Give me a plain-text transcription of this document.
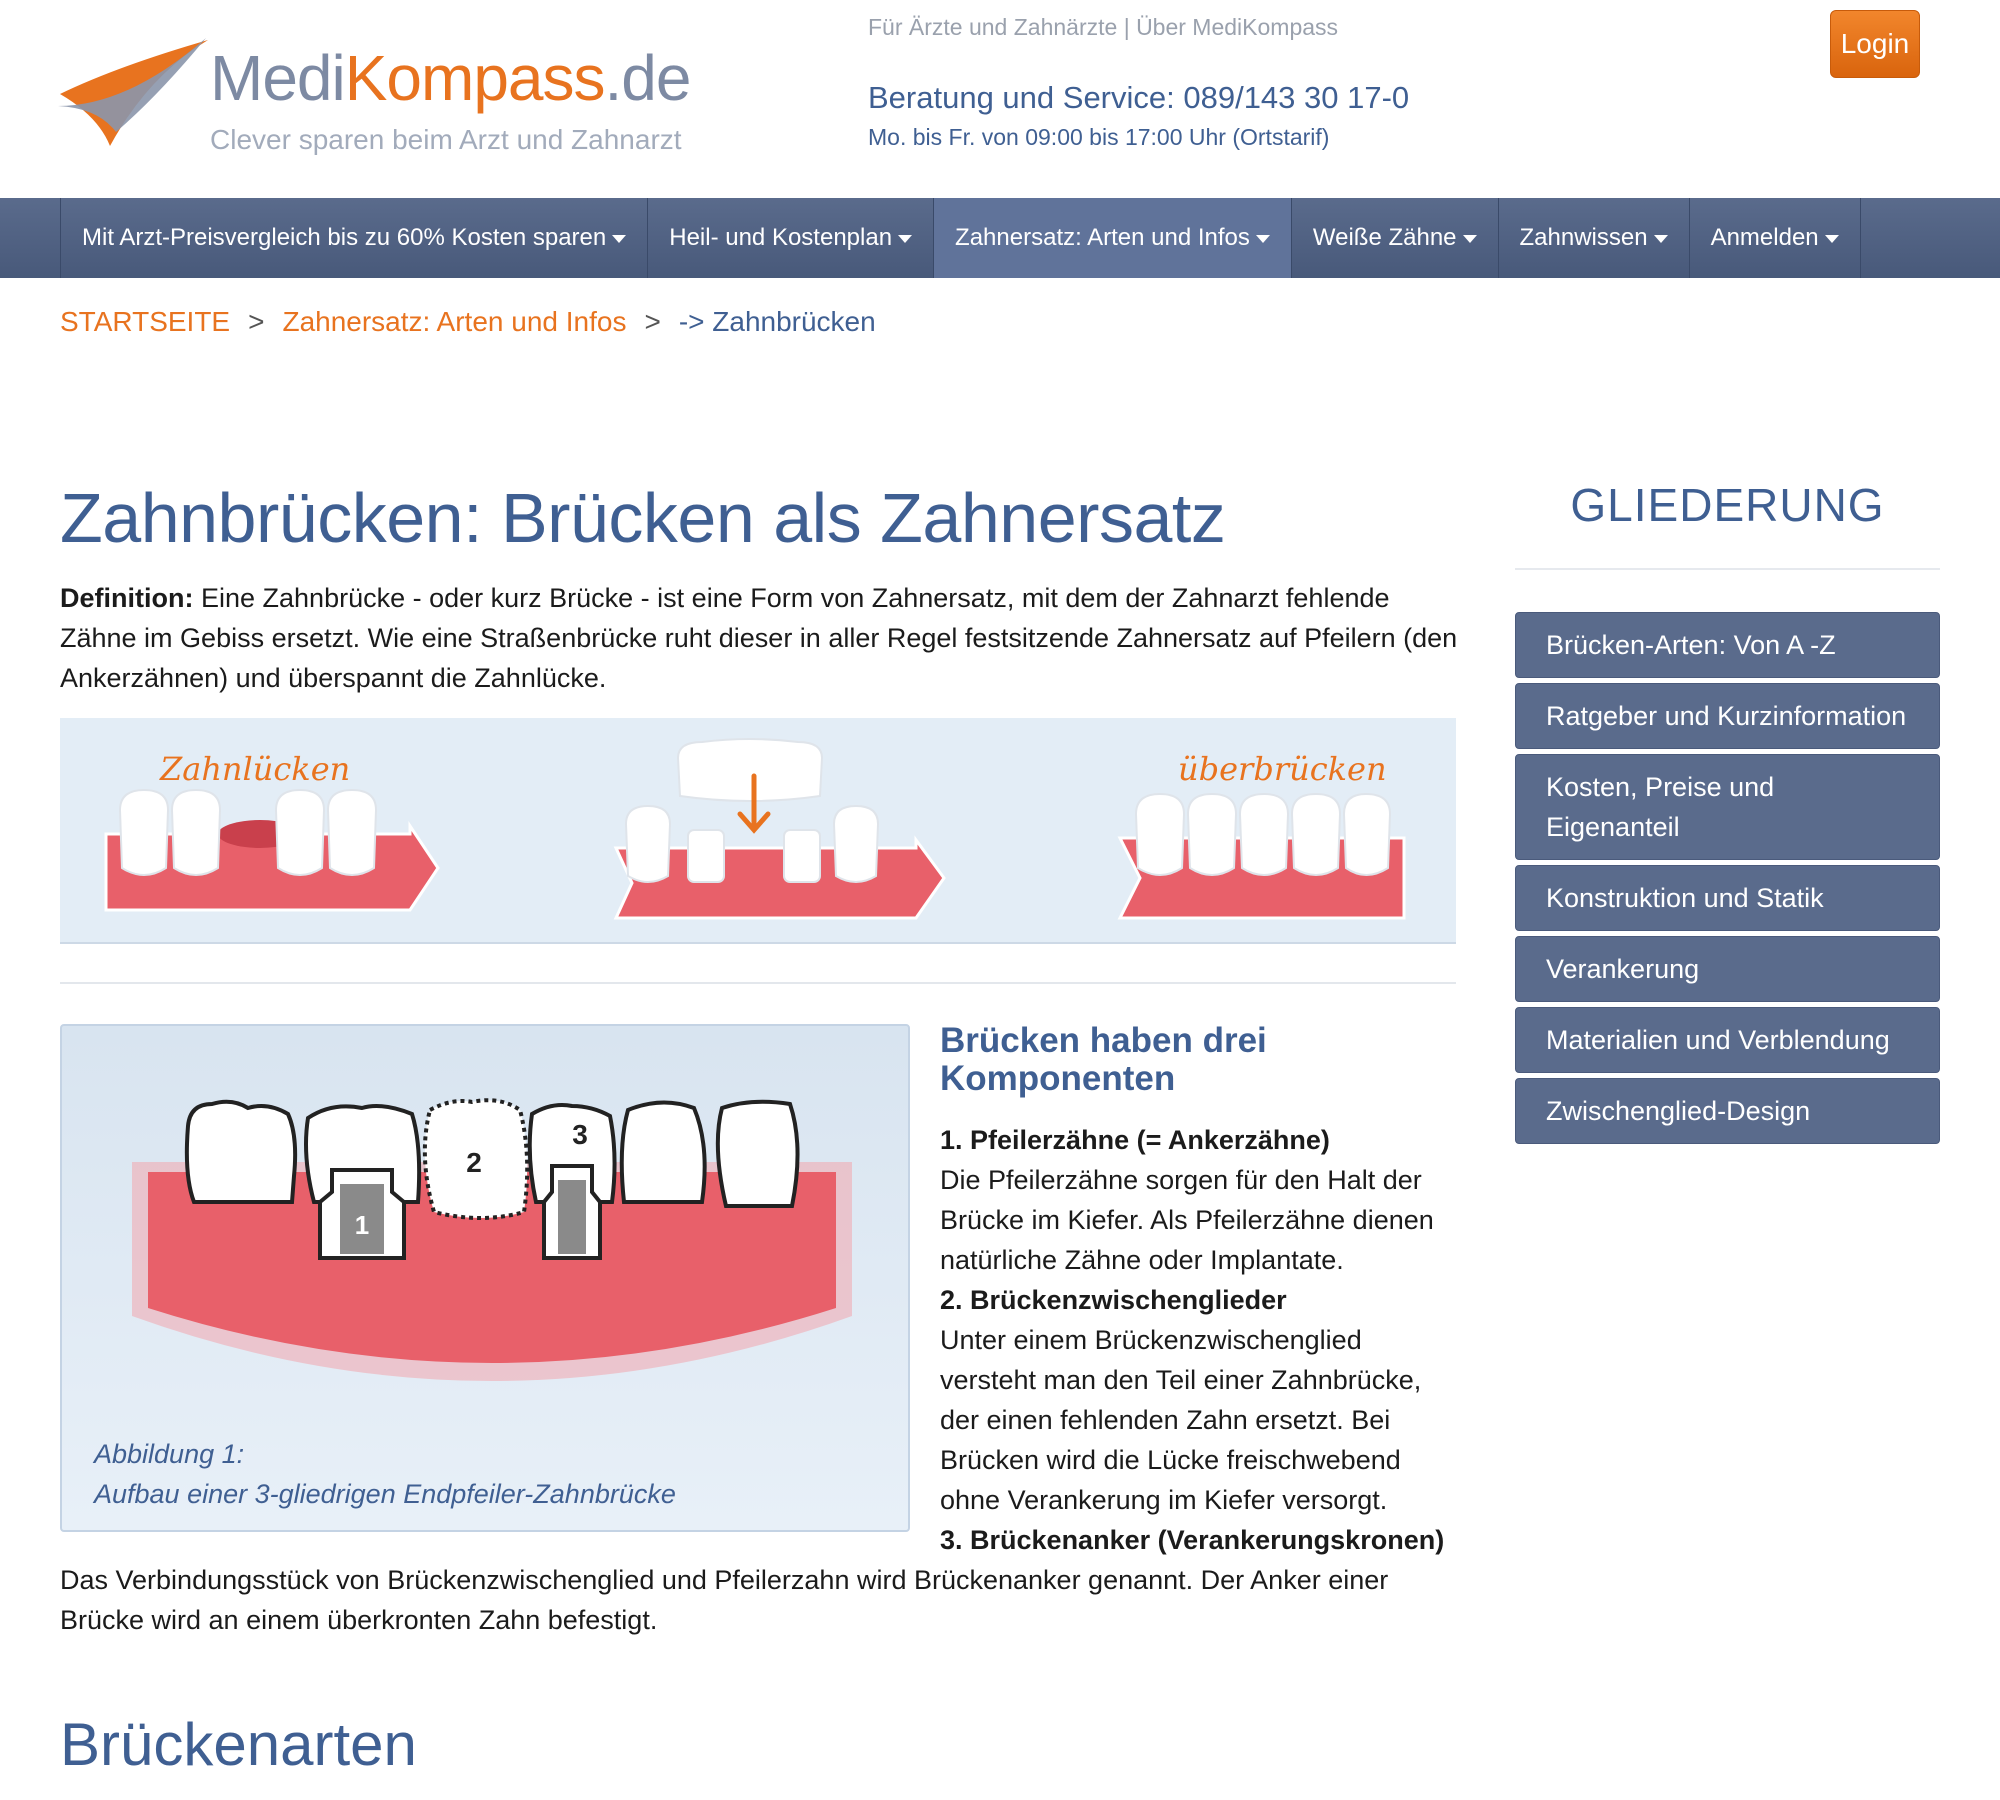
MediKompass.de
Clever sparen beim Arzt und Zahnarzt
Für Ärzte und Zahnärzte | Über MediKompass
Beratung und Service: 089/143 30 17-0
Mo. bis Fr. von 09:00 bis 17:00 Uhr (Ortstarif)
Login
Mit Arzt-Preisvergleich bis zu 60% Kosten sparen	Heil- und Kostenplan	Zahnersatz: Arten und Infos	Weiße Zähne	Zahnwissen	Anmelden
STARTSEITE > Zahnersatz: Arten und Infos > -> Zahnbrücken
Zahnbrücken: Brücken als Zahnersatz

Definition: Eine Zahnbrücke - oder kurz Brücke - ist eine Form von Zahnersatz, mit dem der Zahnarzt fehlende Zähne im Gebiss ersetzt. Wie eine Straßenbrücke ruht dieser in aller Regel festsitzende Zahnersatz auf Pfeilern (den Ankerzähnen) und überspannt die Zahnlücke.

Zahnlücken	überbrücken
1
2
3
Abbildung 1:
Aufbau einer 3-gliedrigen Endpfeiler-Zahnbrücke
Brücken haben drei Komponenten
1. Pfeilerzähne (= Ankerzähne)
Die Pfeilerzähne sorgen für den Halt der Brücke im Kiefer. Als Pfeilerzähne dienen natürliche Zähne oder Implantate.
2. Brückenzwischenglieder
Unter einem Brückenzwischenglied versteht man den Teil einer Zahnbrücke, der einen fehlenden Zahn ersetzt. Bei Brücken wird die Lücke freischwebend ohne Verankerung im Kiefer versorgt.
3. Brückenanker (Verankerungskronen)

Das Verbindungsstück von Brückenzwischenglied und Pfeilerzahn wird Brückenanker genannt. Der Anker einer Brücke wird an einem überkronten Zahn befestigt.

Brückenarten
GLIEDERUNG
Brücken-Arten: Von A -Z
Ratgeber und Kurzinformation
Kosten, Preise und Eigenanteil
Konstruktion und Statik
Verankerung
Materialien und Verblendung
Zwischenglied-Design
